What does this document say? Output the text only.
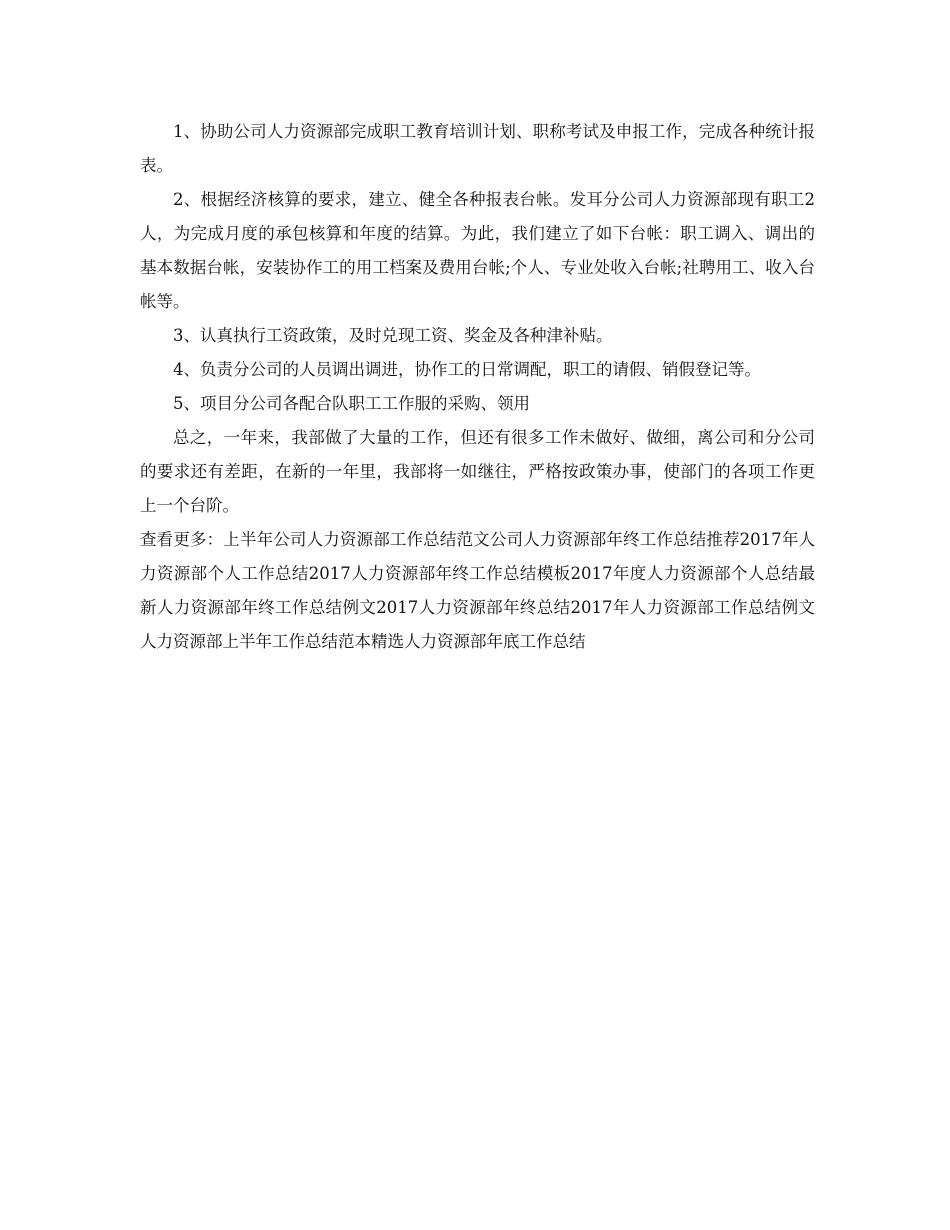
1、协助公司人力资源部完成职工教育培训计划、职称考试及申报工作，完成各种统计报表。

2、根据经济核算的要求，建立、健全各种报表台帐。发耳分公司人力资源部现有职工2人，为完成月度的承包核算和年度的结算。为此，我们建立了如下台帐：职工调入、调出的基本数据台帐，安装协作工的用工档案及费用台帐;个人、专业处收入台帐;社聘用工、收入台帐等。

3、认真执行工资政策，及时兑现工资、奖金及各种津补贴。

4、负责分公司的人员调出调进，协作工的日常调配，职工的请假、销假登记等。

5、项目分公司各配合队职工工作服的采购、领用

总之，一年来，我部做了大量的工作，但还有很多工作未做好、做细，离公司和分公司的要求还有差距，在新的一年里，我部将一如继往，严格按政策办事，使部门的各项工作更上一个台阶。

查看更多：上半年公司人力资源部工作总结范文公司人力资源部年终工作总结推荐2017年人力资源部个人工作总结2017人力资源部年终工作总结模板2017年度人力资源部个人总结最新人力资源部年终工作总结例文2017人力资源部年终总结2017年人力资源部工作总结例文人力资源部上半年工作总结范本精选人力资源部年底工作总结
